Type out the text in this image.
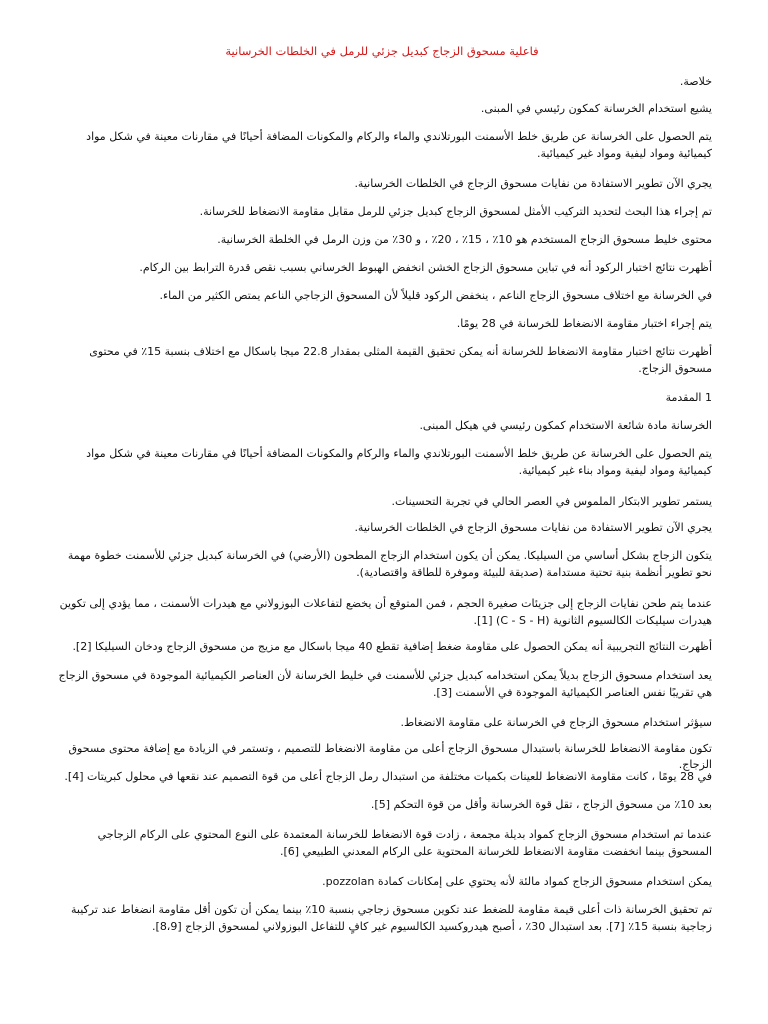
فاعلية مسحوق الزجاج كبديل جزئي للرمل في الخلطات الخرسانية

خلاصة.

يشيع استخدام الخرسانة كمكون رئيسي في المبنى.

يتم الحصول على الخرسانة عن طريق خلط الأسمنت البورتلاندي والماء والركام والمكونات المضافة أحيانًا في مقارنات معينة في شكل مواد كيميائية ومواد ليفية ومواد غير كيميائية.

يجري الآن تطوير الاستفادة من نفايات مسحوق الزجاج في الخلطات الخرسانية.

تم إجراء هذا البحث لتحديد التركيب الأمثل لمسحوق الزجاج كبديل جزئي للرمل مقابل مقاومة الانضغاط للخرسانة.

محتوى خليط مسحوق الزجاج المستخدم هو 10٪ ، 15٪ ، 20٪ ، و 30٪ من وزن الرمل في الخلطة الخرسانية.

أظهرت نتائج اختبار الركود أنه في تباين مسحوق الزجاج الخشن انخفض الهبوط الخرساني بسبب نقص قدرة الترابط بين الركام.

في الخرسانة مع اختلاف مسحوق الزجاج الناعم ، ينخفض الركود قليلاً لأن المسحوق الزجاجي الناعم يمتص الكثير من الماء.

يتم إجراء اختبار مقاومة الانضغاط للخرسانة في 28 يومًا.

أظهرت نتائج اختبار مقاومة الانضغاط للخرسانة أنه يمكن تحقيق القيمة المثلى بمقدار 22.8 ميجا باسكال مع اختلاف بنسبة 15٪ في محتوى مسحوق الزجاج.

1 المقدمة

الخرسانة مادة شائعة الاستخدام كمكون رئيسي في هيكل المبنى.

يتم الحصول على الخرسانة عن طريق خلط الأسمنت البورتلاندي والماء والركام والمكونات المضافة أحيانًا في مقارنات معينة في شكل مواد كيميائية ومواد ليفية ومواد بناء غير كيميائية.

يستمر تطوير الابتكار الملموس في العصر الحالي في تجربة التحسينات.

يجري الآن تطوير الاستفادة من نفايات مسحوق الزجاج في الخلطات الخرسانية.

يتكون الزجاج بشكل أساسي من السيليكا. يمكن أن يكون استخدام الزجاج المطحون (الأرضي) في الخرسانة كبديل جزئي للأسمنت خطوة مهمة نحو تطوير أنظمة بنية تحتية مستدامة (صديقة للبيئة وموفرة للطاقة واقتصادية).

عندما يتم طحن نفايات الزجاج إلى جزيئات صغيرة الحجم ، فمن المتوقع أن يخضع لتفاعلات البوزولاني مع هيدرات الأسمنت ، مما يؤدي إلى تكوين هيدرات سيليكات الكالسيوم الثانوية (C - S - H) [1].

أظهرت النتائج التجريبية أنه يمكن الحصول على مقاومة ضغط إضافية تقطع 40 ميجا باسكال مع مزيج من مسحوق الزجاج ودخان السيليكا [2].

يعد استخدام مسحوق الزجاج بديلاً يمكن استخدامه كبديل جزئي للأسمنت في خليط الخرسانة لأن العناصر الكيميائية الموجودة في مسحوق الزجاج هي تقريبًا نفس العناصر الكيميائية الموجودة في الأسمنت [3].

سيؤثر استخدام مسحوق الزجاج في الخرسانة على مقاومة الانضغاط.

تكون مقاومة الانضغاط للخرسانة باستبدال مسحوق الزجاج أعلى من مقاومة الانضغاط للتصميم ، وتستمر في الزيادة مع إضافة محتوى مسحوق الزجاج.

في 28 يومًا ، كانت مقاومة الانضغاط للعينات بكميات مختلفة من استبدال رمل الزجاج أعلى من قوة التصميم عند نقعها في محلول كبريتات [4].

بعد 10٪ من مسحوق الزجاج ، تقل قوة الخرسانة وأقل من قوة التحكم [5].

عندما تم استخدام مسحوق الزجاج كمواد بديلة مجمعة ، زادت قوة الانضغاط للخرسانة المعتمدة على النوع المحتوي على الركام الزجاجي المسحوق بينما انخفضت مقاومة الانضغاط للخرسانة المحتوية على الركام المعدني الطبيعي [6].

يمكن استخدام مسحوق الزجاج كمواد مالئة لأنه يحتوي على إمكانات كمادة pozzolan.

تم تحقيق الخرسانة ذات أعلى قيمة مقاومة للضغط عند تكوين مسحوق زجاجي بنسبة 10٪ بينما يمكن أن تكون أقل مقاومة انضغاط عند تركيبة زجاجية بنسبة 15٪ [7]. بعد استبدال 30٪ ، أصبح هيدروكسيد الكالسيوم غير كافٍ للتفاعل البوزولاني لمسحوق الزجاج [8،9].
